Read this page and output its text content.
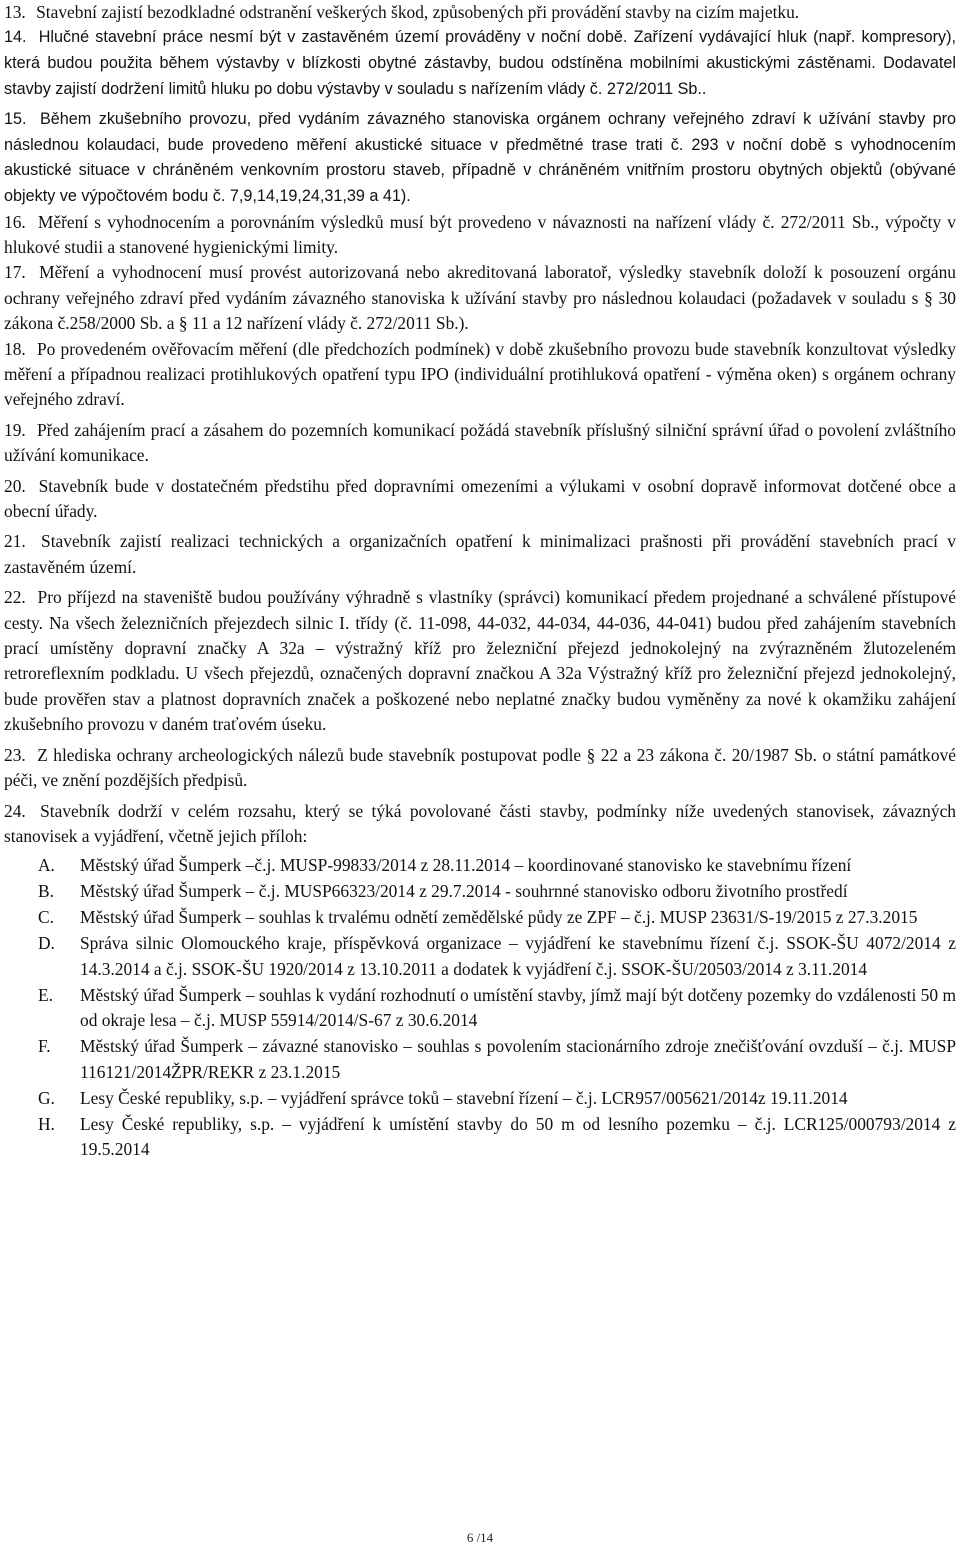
13. Stavební zajistí bezodkladné odstranění veškerých škod, způsobených při provádění stavby na cizím majetku.

14. Hlučné stavební práce nesmí být v zastavěném území prováděny v noční době. Zařízení vydávající hluk (např. kompresory), která budou použita během výstavby v blízkosti obytné zástavby, budou odstíněna mobilními akustickými zástěnami. Dodavatel stavby zajistí dodržení limitů hluku po dobu výstavby v souladu s nařízením vlády č. 272/2011 Sb..

15. Během zkušebního provozu, před vydáním závazného stanoviska orgánem ochrany veřejného zdraví k užívání stavby pro následnou kolaudaci, bude provedeno měření akustické situace v předmětné trase trati č. 293 v noční době s vyhodnocením akustické situace v chráněném venkovním prostoru staveb, případně v chráněném vnitřním prostoru obytných objektů (obývané objekty ve výpočtovém bodu č. 7,9,14,19,24,31,39 a 41).

16. Měření s vyhodnocením a porovnáním výsledků musí být provedeno v návaznosti na nařízení vlády č. 272/2011 Sb., výpočty v hlukové studii a stanovené hygienickými limity.

17. Měření a vyhodnocení musí provést autorizovaná nebo akreditovaná laboratoř, výsledky stavebník doloží k posouzení orgánu ochrany veřejného zdraví před vydáním závazného stanoviska k užívání stavby pro následnou kolaudaci (požadavek v souladu s § 30 zákona č.258/2000 Sb. a § 11 a 12 nařízení vlády č. 272/2011 Sb.).

18. Po provedeném ověřovacím měření (dle předchozích podmínek) v době zkušebního provozu bude stavebník konzultovat výsledky měření a případnou realizaci protihlukových opatření typu IPO (individuální protihluková opatření - výměna oken) s orgánem ochrany veřejného zdraví.

19. Před zahájením prací a zásahem do pozemních komunikací požádá stavebník příslušný silniční správní úřad o povolení zvláštního užívání komunikace.

20. Stavebník bude v dostatečném předstihu před dopravními omezeními a výlukami v osobní dopravě informovat dotčené obce a obecní úřady.

21. Stavebník zajistí realizaci technických a organizačních opatření k minimalizaci prašnosti při provádění stavebních prací v zastavěném území.

22. Pro příjezd na staveniště budou používány výhradně s vlastníky (správci) komunikací předem projednané a schválené přístupové cesty. Na všech železničních přejezdech silnic I. třídy (č. 11-098, 44-032, 44-034, 44-036, 44-041) budou před zahájením stavebních prací umístěny dopravní značky A 32a – výstražný kříž pro železniční přejezd jednokolejný na zvýrazněném žlutozeleném retroreflexním podkladu. U všech přejezdů, označených dopravní značkou A 32a Výstražný kříž pro železniční přejezd jednokolejný, bude prověřen stav a platnost dopravních značek a poškozené nebo neplatné značky budou vyměněny za nové k okamžiku zahájení zkušebního provozu v daném traťovém úseku.

23. Z hlediska ochrany archeologických nálezů bude stavebník postupovat podle § 22 a 23 zákona č. 20/1987 Sb. o státní památkové péči, ve znění pozdějších předpisů.

24. Stavebník dodrží v celém rozsahu, který se týká povolované části stavby, podmínky níže uvedených stanovisek, závazných stanovisek a vyjádření, včetně jejich příloh:

A.	Městský úřad Šumperk –č.j. MUSP-99833/2014 z 28.11.2014 – koordinované stanovisko ke stavebnímu řízení
B.	Městský úřad Šumperk – č.j. MUSP66323/2014 z 29.7.2014 - souhrnné stanovisko odboru životního prostředí
C.	Městský úřad Šumperk – souhlas k trvalému odnětí zemědělské půdy ze ZPF – č.j. MUSP 23631/S-19/2015 z 27.3.2015
D.	Správa silnic Olomouckého kraje, příspěvková organizace – vyjádření ke stavebnímu řízení č.j. SSOK-ŠU 4072/2014 z 14.3.2014 a č.j. SSOK-ŠU 1920/2014 z 13.10.2011 a dodatek k vyjádření č.j. SSOK-ŠU/20503/2014 z 3.11.2014
E.	Městský úřad Šumperk – souhlas k vydání rozhodnutí o umístění stavby, jímž mají být dotčeny pozemky do vzdálenosti 50 m od okraje lesa – č.j. MUSP 55914/2014/S-67 z 30.6.2014
F.	Městský úřad Šumperk – závazné stanovisko – souhlas s povolením stacionárního zdroje znečišťování ovzduší – č.j. MUSP 116121/2014ŽPR/REKR z 23.1.2015
G.	Lesy České republiky, s.p. – vyjádření správce toků – stavební řízení – č.j. LCR957/005621/2014z 19.11.2014
H.	Lesy České republiky, s.p. – vyjádření k umístění stavby do 50 m od lesního pozemku – č.j. LCR125/000793/2014 z 19.5.2014
6 /14
